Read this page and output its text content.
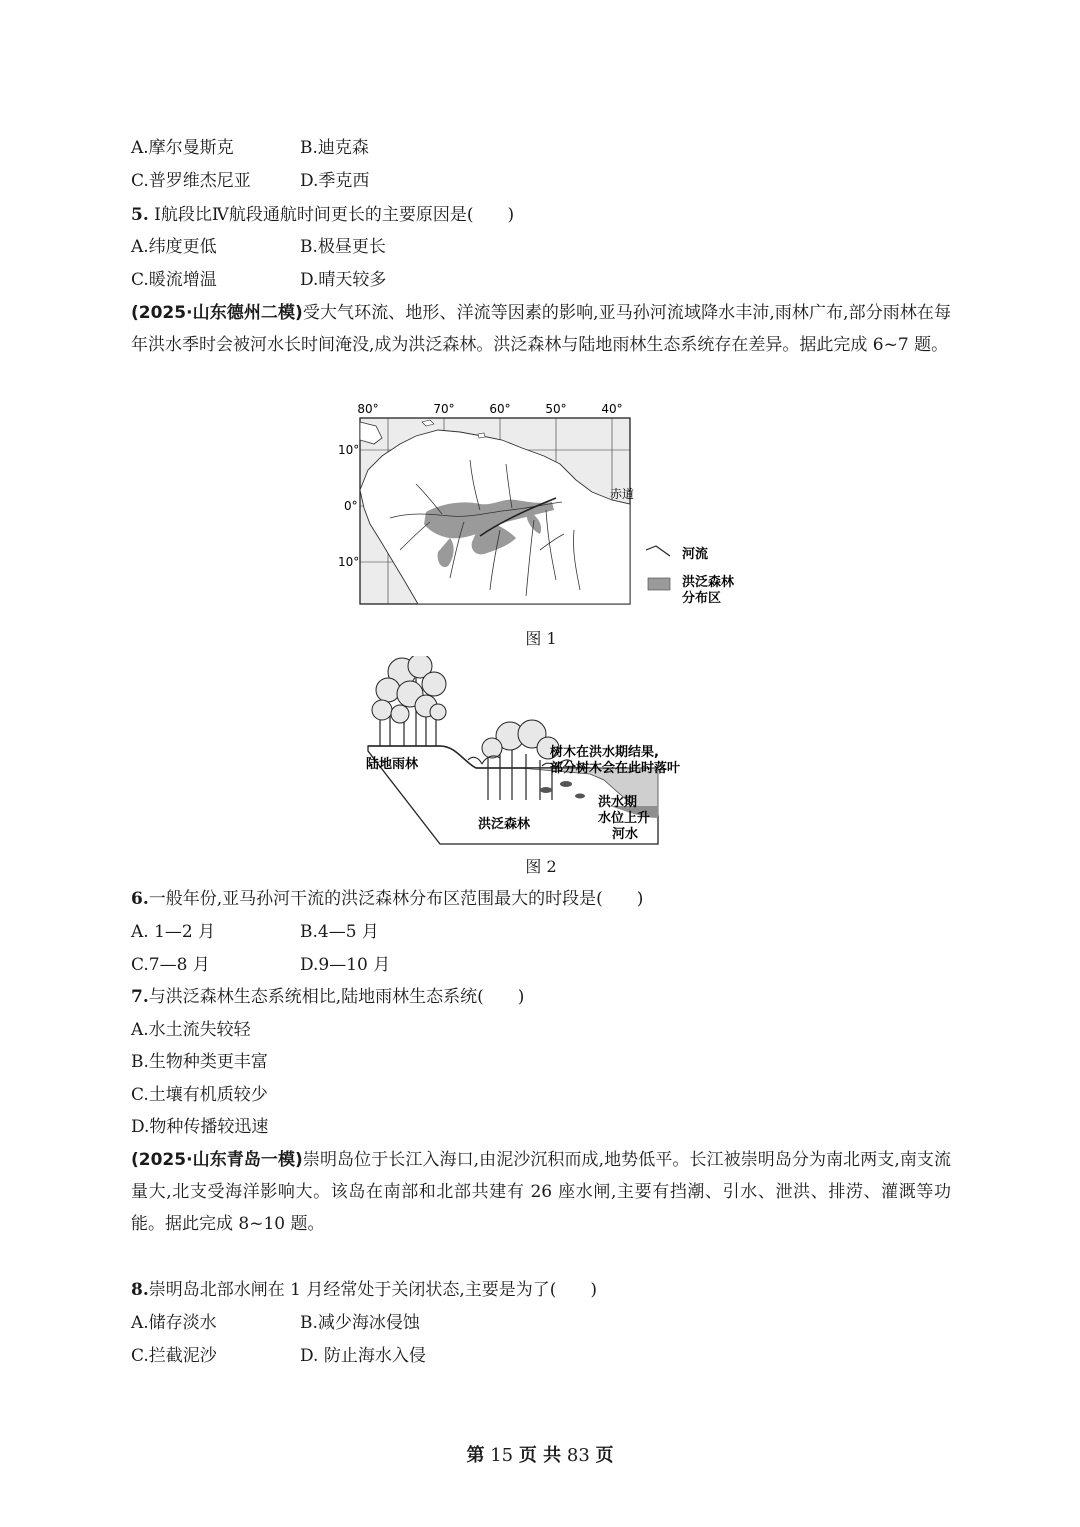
A.摩尔曼斯克	B.迪克森
C.普罗维杰尼亚	D.季克西
5. Ⅰ航段比Ⅳ航段通航时间更长的主要原因是(　　)
A.纬度更低	B.极昼更长
C.暖流增温	D.晴天较多
(2025·山东德州二模)受大气环流、地形、洋流等因素的影响,亚马孙河流域降水丰沛,雨林广布,部分雨林在每年洪水季时会被河水长时间淹没,成为洪泛森林。洪泛森林与陆地雨林生态系统存在差异。据此完成 6~7 题。
80°	70°	60°	50°	40°
10°
0°
10°
赤道
河流
洪泛森林
分布区
图 1
陆地雨林
洪泛森林
树木在洪水期结果,
部分树木会在此时落叶
洪水期
水位上升
河水
图 2
6.一般年份,亚马孙河干流的洪泛森林分布区范围最大的时段是(　　)
A. 1—2 月	B.4—5 月
C.7—8 月	D.9—10 月
7.与洪泛森林生态系统相比,陆地雨林生态系统(　　)
A.水土流失较轻
B.生物种类更丰富
C.土壤有机质较少
D.物种传播较迅速
(2025·山东青岛一模)崇明岛位于长江入海口,由泥沙沉积而成,地势低平。长江被崇明岛分为南北两支,南支流量大,北支受海洋影响大。该岛在南部和北部共建有 26 座水闸,主要有挡潮、引水、泄洪、排涝、灌溉等功能。据此完成 8~10 题。
8.崇明岛北部水闸在 1 月经常处于关闭状态,主要是为了(　　)
A.储存淡水	B.减少海冰侵蚀
C.拦截泥沙	D. 防止海水入侵
第 15 页 共 83 页
